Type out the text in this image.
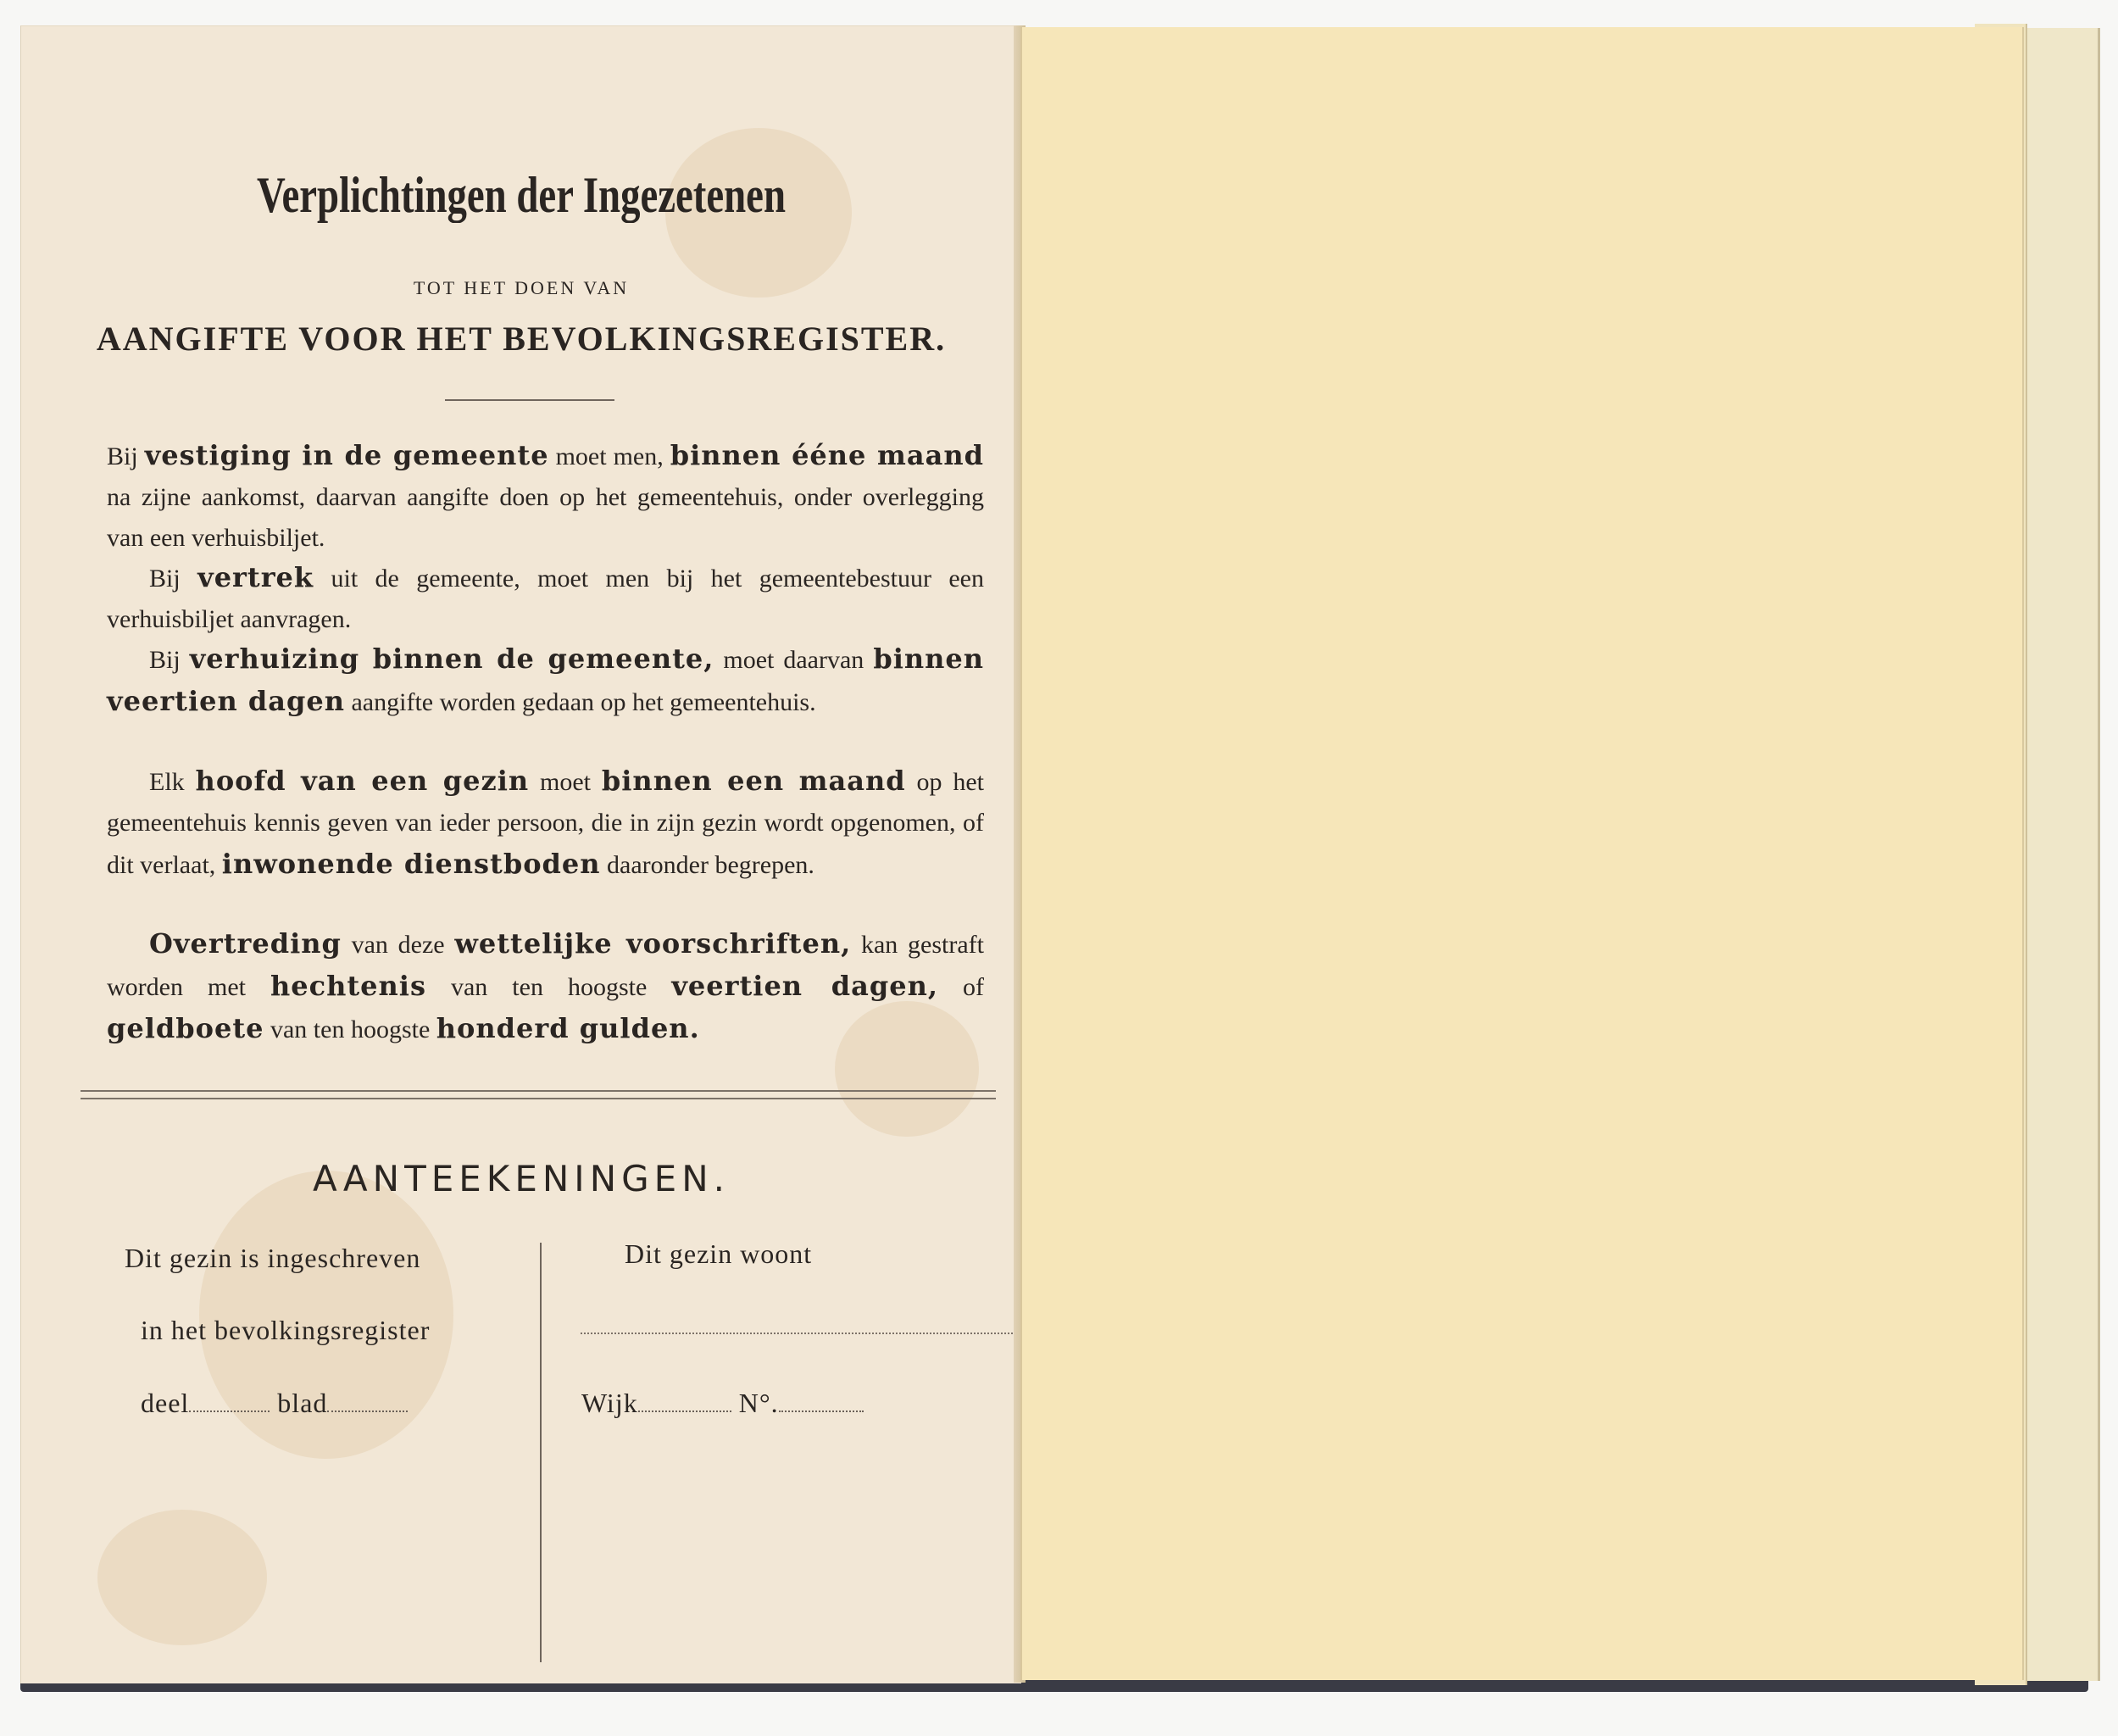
Verplichtingen der Ingezetenen
TOT HET DOEN VAN
AANGIFTE VOOR HET BEVOLKINGSREGISTER.
Bij vestiging in de gemeente moet men, binnen ééne maand na zijne aankomst, daarvan aangifte doen op het gemeentehuis, onder overlegging van een verhuisbiljet.
Bij vertrek uit de gemeente, moet men bij het gemeentebestuur een verhuisbiljet aanvragen.
Bij verhuizing binnen de gemeente, moet daarvan binnen veertien dagen aangifte worden gedaan op het gemeentehuis.
Elk hoofd van een gezin moet binnen een maand op het gemeentehuis kennis geven van ieder persoon, die in zijn gezin wordt opgenomen, of dit verlaat, inwonende dienstboden daaronder begrepen.
Overtreding van deze wettelijke voorschriften, kan gestraft worden met hechtenis van ten hoogste veertien dagen, of geldboete van ten hoogste honderd gulden.
AANTEEKENINGEN.
Dit gezin is ingeschreven
in het bevolkingsregister
deel	blad
Dit gezin woont
Wijk	N°.
